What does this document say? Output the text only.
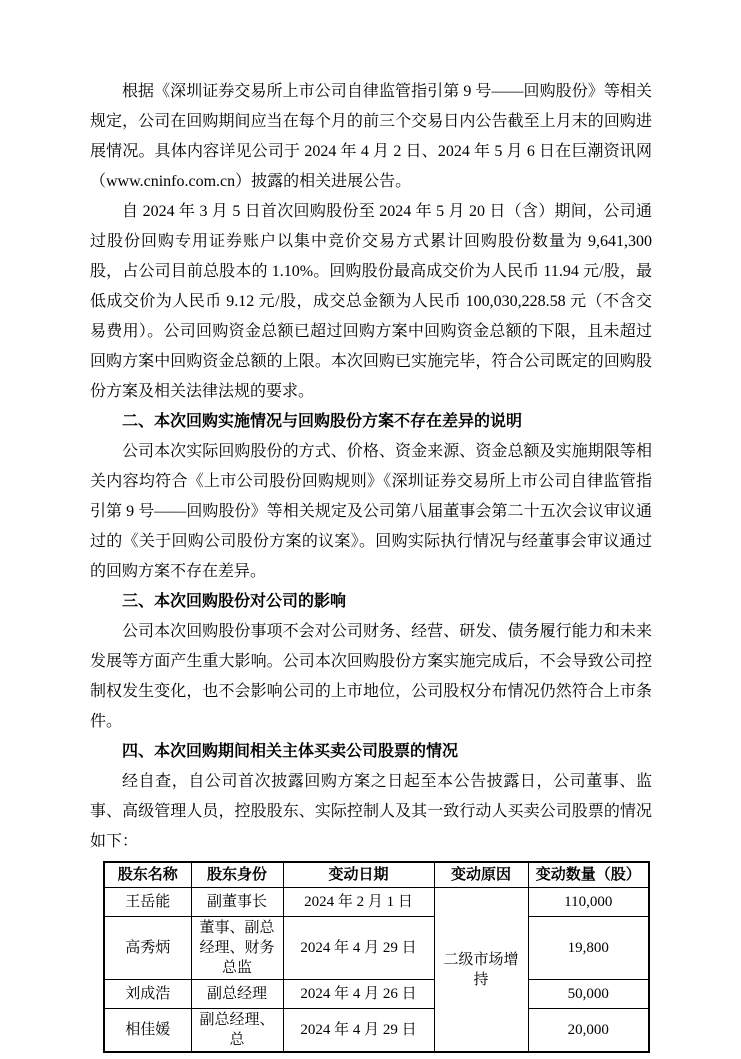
根据《深圳证券交易所上市公司自律监管指引第 9 号——回购股份》等相关规定，公司在回购期间应当在每个月的前三个交易日内公告截至上月末的回购进展情况。具体内容详见公司于 2024 年 4 月 2 日、2024 年 5 月 6 日在巨潮资讯网（www.cninfo.com.cn）披露的相关进展公告。

自 2024 年 3 月 5 日首次回购股份至 2024 年 5 月 20 日（含）期间，公司通过股份回购专用证券账户以集中竞价交易方式累计回购股份数量为 9,641,300 股，占公司目前总股本的 1.10%。回购股份最高成交价为人民币 11.94 元/股，最低成交价为人民币 9.12 元/股，成交总金额为人民币 100,030,228.58 元（不含交易费用）。公司回购资金总额已超过回购方案中回购资金总额的下限，且未超过回购方案中回购资金总额的上限。本次回购已实施完毕，符合公司既定的回购股份方案及相关法律法规的要求。

二、本次回购实施情况与回购股份方案不存在差异的说明

公司本次实际回购股份的方式、价格、资金来源、资金总额及实施期限等相关内容均符合《上市公司股份回购规则》《深圳证券交易所上市公司自律监管指引第 9 号——回购股份》等相关规定及公司第八届董事会第二十五次会议审议通过的《关于回购公司股份方案的议案》。回购实际执行情况与经董事会审议通过的回购方案不存在差异。

三、本次回购股份对公司的影响

公司本次回购股份事项不会对公司财务、经营、研发、债务履行能力和未来发展等方面产生重大影响。公司本次回购股份方案实施完成后，不会导致公司控制权发生变化，也不会影响公司的上市地位，公司股权分布情况仍然符合上市条件。

四、本次回购期间相关主体买卖公司股票的情况

经自查，自公司首次披露回购方案之日起至本公告披露日，公司董事、监事、高级管理人员，控股股东、实际控制人及其一致行动人买卖公司股票的情况如下：

股东名称	股东身份	变动日期	变动原因	变动数量（股）
王岳能	副董事长	2024 年 2 月 1 日	二级市场增持	110,000
高秀炳	董事、副总经理、财务总监	2024 年 4 月 29 日		19,800
刘成浩	副总经理	2024 年 4 月 26 日		50,000
相佳媛	副总经理、总	2024 年 4 月 29 日		20,000
